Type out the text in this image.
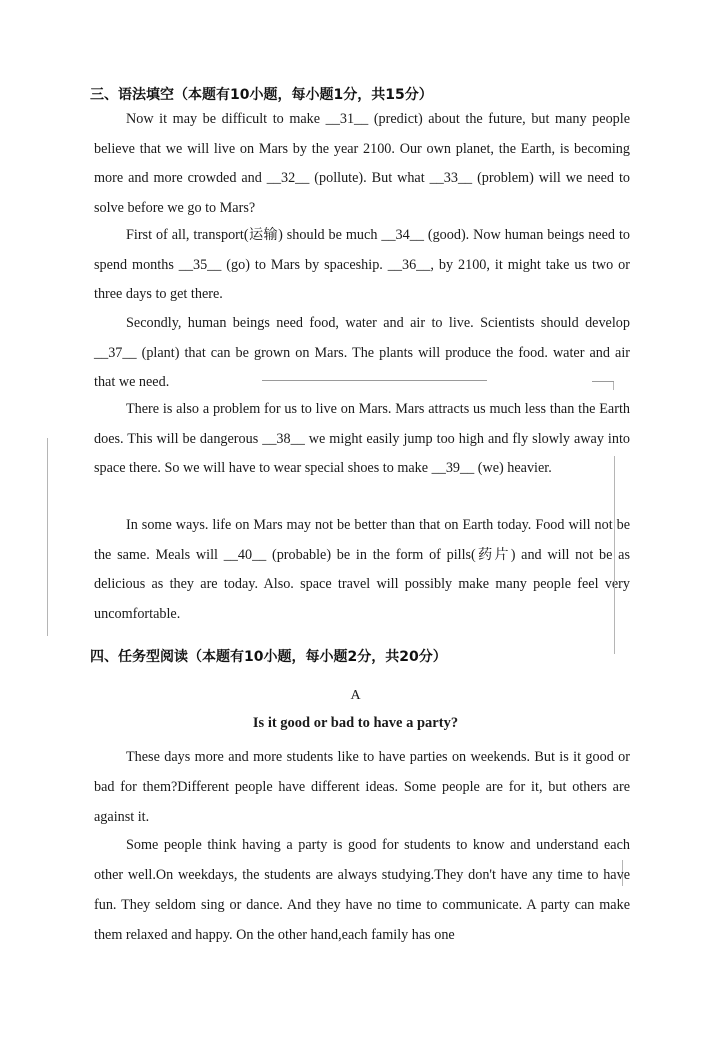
三、语法填空（本题有10小题，每小题1分，共15分）

Now it may be difficult to make __31__ (predict) about the future, but many people believe that we will live on Mars by the year 2100. Our own planet, the Earth, is becoming more and more crowded and __32__ (pollute). But what __33__ (problem) will we need to solve before we go to Mars?

First of all, transport(运输) should be much __34__ (good). Now human beings need to spend months __35__ (go) to Mars by spaceship. __36__, by 2100, it might take us two or three days to get there.

Secondly, human beings need food, water and air to live. Scientists should develop __37__ (plant) that can be grown on Mars. The plants will produce the food. water and air that we need.

There is also a problem for us to live on Mars. Mars attracts us much less than the Earth does. This will be dangerous __38__ we might easily jump too high and fly slowly away into space there. So we will have to wear special shoes to make __39__ (we) heavier.

In some ways. life on Mars may not be better than that on Earth today. Food will not be the same. Meals will __40__ (probable) be in the form of pills(药片) and will not be as delicious as they are today. Also. space travel will possibly make many people feel very uncomfortable.

四、任务型阅读（本题有10小题，每小题2分，共20分）
A
Is it good or bad to have a party?

These days more and more students like to have parties on weekends. But is it good or bad for them?Different people have different ideas. Some people are for it, but others are against it.

Some people think having a party is good for students to know and understand each other well.On weekdays, the students are always studying.They don't have any time to have fun. They seldom sing or dance. And they have no time to communicate. A party can make them relaxed and happy. On the other hand,each family has one
